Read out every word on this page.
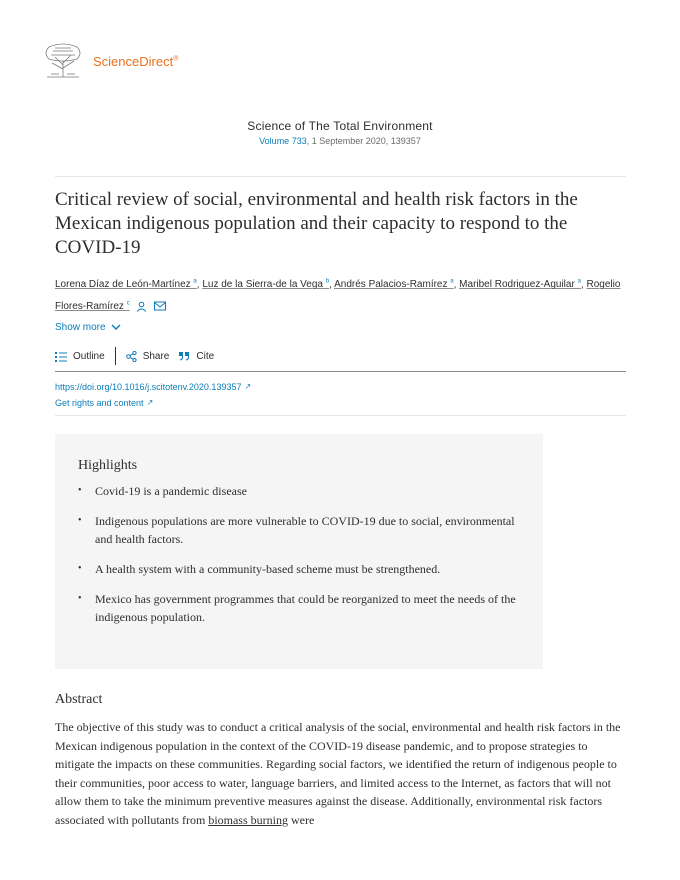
ScienceDirect®
Science of The Total Environment
Volume 733, 1 September 2020, 139357
Critical review of social, environmental and health risk factors in the Mexican indigenous population and their capacity to respond to the COVID-19
Lorena Díaz de León-Martínez $^a$, Luz de la Sierra-de la Vega $^b$, Andrés Palacios-Ramírez $^a$, Maribel Rodriguez-Aguilar $^a$, Rogelio Flores-Ramírez $^c$
Show more
Outline	Share	Cite
https://doi.org/10.1016/j.scitotenv.2020.139357 ↗
Get rights and content ↗
Highlights
• Covid-19 is a pandemic disease
• Indigenous populations are more vulnerable to COVID-19 due to social, environmental and health factors.
• A health system with a community-based scheme must be strengthened.
• Mexico has government programmes that could be reorganized to meet the needs of the indigenous population.
Abstract
The objective of this study was to conduct a critical analysis of the social, environmental and health risk factors in the Mexican indigenous population in the context of the COVID-19 disease pandemic, and to propose strategies to mitigate the impacts on these communities. Regarding social factors, we identified the return of indigenous people to their communities, poor access to water, language barriers, and limited access to the Internet, as factors that will not allow them to take the minimum preventive measures against the disease. Additionally, environmental risk factors associated with pollutants from biomass burning were
